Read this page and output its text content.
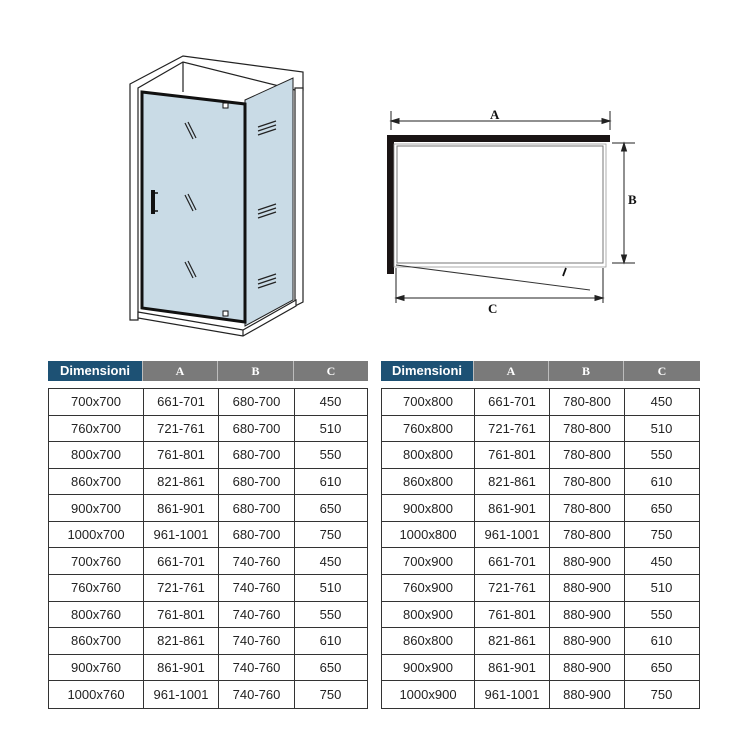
A
B
C
Dimensioni	A	B	C
700x700	661-701	680-700	450
760x700	721-761	680-700	510
800x700	761-801	680-700	550
860x700	821-861	680-700	610
900x700	861-901	680-700	650
1000x700	961-1001	680-700	750
700x760	661-701	740-760	450
760x760	721-761	740-760	510
800x760	761-801	740-760	550
860x700	821-861	740-760	610
900x760	861-901	740-760	650
1000x760	961-1001	740-760	750
Dimensioni	A	B	C
700x800	661-701	780-800	450
760x800	721-761	780-800	510
800x800	761-801	780-800	550
860x800	821-861	780-800	610
900x800	861-901	780-800	650
1000x800	961-1001	780-800	750
700x900	661-701	880-900	450
760x900	721-761	880-900	510
800x900	761-801	880-900	550
860x800	821-861	880-900	610
900x900	861-901	880-900	650
1000x900	961-1001	880-900	750
